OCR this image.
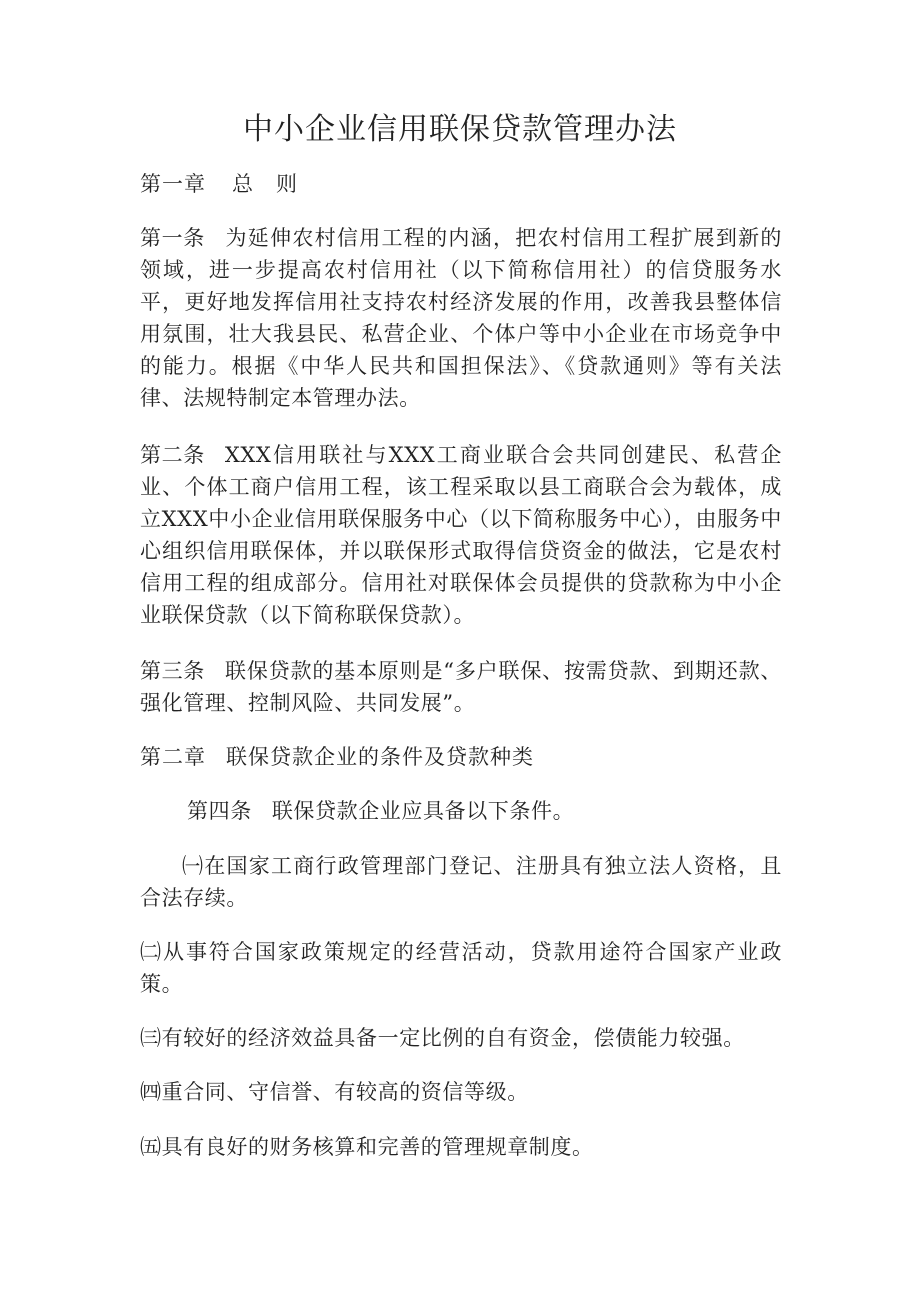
中小企业信用联保贷款管理办法

第一章 总　则

第一条 为延伸农村信用工程的内涵，把农村信用工程扩展到新的领域，进一步提高农村信用社（以下简称信用社）的信贷服务水平，更好地发挥信用社支持农村经济发展的作用，改善我县整体信用氛围，壮大我县民、私营企业、个体户等中小企业在市场竞争中的能力。根据《中华人民共和国担保法》、《贷款通则》等有关法律、法规特制定本管理办法。

第二条 XXX信用联社与XXX工商业联合会共同创建民、私营企业、个体工商户信用工程，该工程采取以县工商联合会为载体，成立XXX中小企业信用联保服务中心（以下简称服务中心），由服务中心组织信用联保体，并以联保形式取得信贷资金的做法，它是农村信用工程的组成部分。信用社对联保体会员提供的贷款称为中小企业联保贷款（以下简称联保贷款）。

第三条 联保贷款的基本原则是“多户联保、按需贷款、到期还款、强化管理、控制风险、共同发展”。

第二章 联保贷款企业的条件及贷款种类

第四条 联保贷款企业应具备以下条件。

㈠在国家工商行政管理部门登记、注册具有独立法人资格，且合法存续。

㈡从事符合国家政策规定的经营活动，贷款用途符合国家产业政策。

㈢有较好的经济效益具备一定比例的自有资金，偿债能力较强。

㈣重合同、守信誉、有较高的资信等级。

㈤具有良好的财务核算和完善的管理规章制度。
